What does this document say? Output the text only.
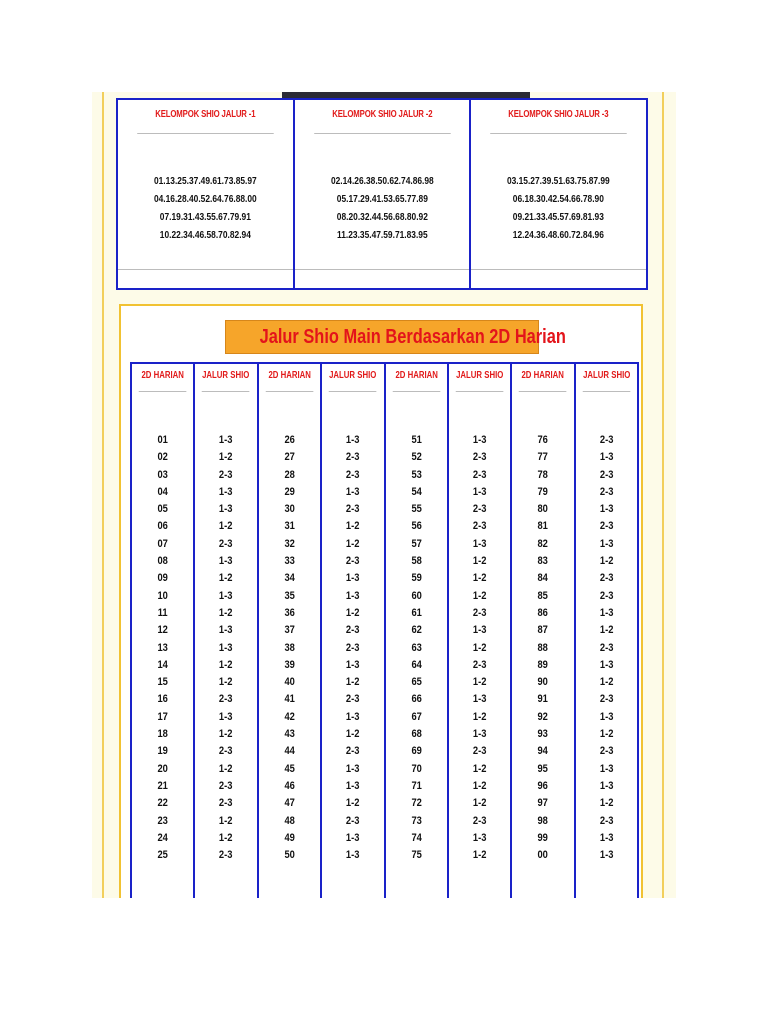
KELOMPOK SHIO JALUR -1
01.13.25.37.49.61.73.85.97
04.16.28.40.52.64.76.88.00
07.19.31.43.55.67.79.91
10.22.34.46.58.70.82.94
KELOMPOK SHIO JALUR -2
02.14.26.38.50.62.74.86.98
05.17.29.41.53.65.77.89
08.20.32.44.56.68.80.92
11.23.35.47.59.71.83.95
KELOMPOK SHIO JALUR -3
03.15.27.39.51.63.75.87.99
06.18.30.42.54.66.78.90
09.21.33.45.57.69.81.93
12.24.36.48.60.72.84.96
Jalur Shio Main Berdasarkan 2D Harian
2D HARIAN
01
02
03
04
05
06
07
08
09
10
11
12
13
14
15
16
17
18
19
20
21
22
23
24
25
JALUR SHIO
1-3
1-2
2-3
1-3
1-3
1-2
2-3
1-3
1-2
1-3
1-2
1-3
1-3
1-2
1-2
2-3
1-3
1-2
2-3
1-2
2-3
2-3
1-2
1-2
2-3
2D HARIAN
26
27
28
29
30
31
32
33
34
35
36
37
38
39
40
41
42
43
44
45
46
47
48
49
50
JALUR SHIO
1-3
2-3
2-3
1-3
2-3
1-2
1-2
2-3
1-3
1-3
1-2
2-3
2-3
1-3
1-2
2-3
1-3
1-2
2-3
1-3
1-3
1-2
2-3
1-3
1-3
2D HARIAN
51
52
53
54
55
56
57
58
59
60
61
62
63
64
65
66
67
68
69
70
71
72
73
74
75
JALUR SHIO
1-3
2-3
2-3
1-3
2-3
2-3
1-3
1-2
1-2
1-2
2-3
1-3
1-2
2-3
1-2
1-3
1-2
1-3
2-3
1-2
1-2
1-2
2-3
1-3
1-2
2D HARIAN
76
77
78
79
80
81
82
83
84
85
86
87
88
89
90
91
92
93
94
95
96
97
98
99
00
JALUR SHIO
2-3
1-3
2-3
2-3
1-3
2-3
1-3
1-2
2-3
2-3
1-3
1-2
2-3
1-3
1-2
2-3
1-3
1-2
2-3
1-3
1-3
1-2
2-3
1-3
1-3
